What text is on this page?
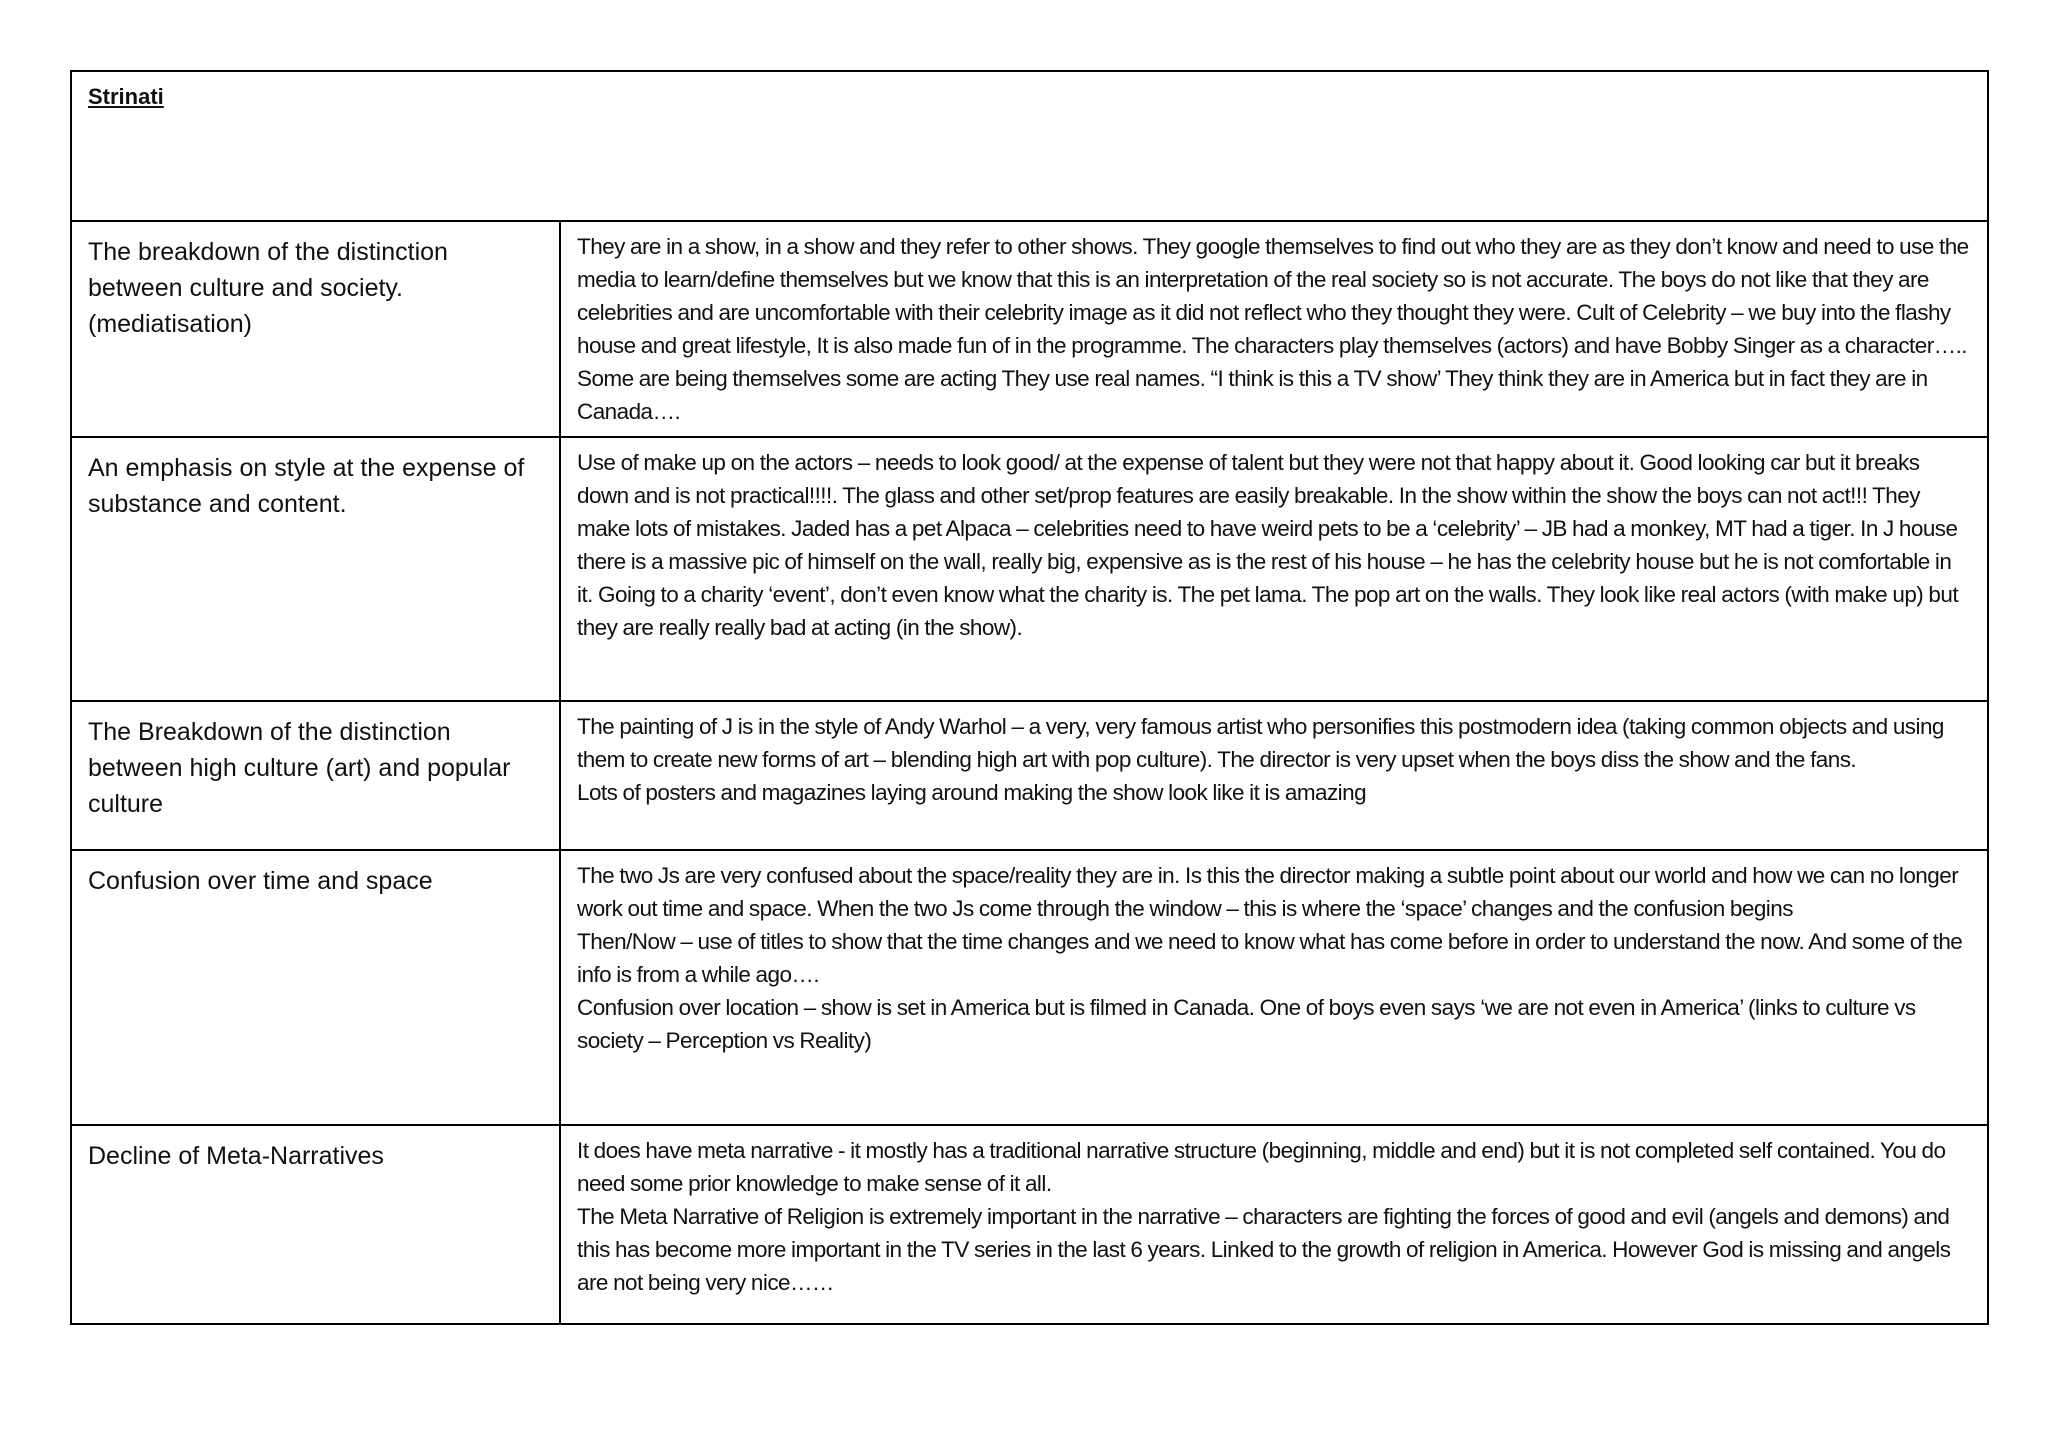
Strinati	
The breakdown of the distinction between culture and society. (mediatisation)	They are in a show, in a show and they refer to other shows. They google themselves to find out who they are as they don’t know and need to use the media to learn/define themselves but we know that this is an interpretation of the real society so is not accurate. The boys do not like that they are celebrities and are uncomfortable with their celebrity image as it did not reflect who they thought they were. Cult of Celebrity – we buy into the flashy house and great lifestyle, It is also made fun of in the programme. The characters play themselves (actors) and have Bobby Singer as a character….. Some are being themselves some are acting They use real names. “I think is this a TV show’ They think they are in America but in fact they are in Canada….

An emphasis on style at the expense of substance and content.	Use of make up on the actors – needs to look good/ at the expense of talent but they were not that happy about it. Good looking car but it breaks down and is not practical!!!!. The glass and other set/prop features are easily breakable. In the show within the show the boys can not act!!! They make lots of mistakes. Jaded has a pet Alpaca – celebrities need to have weird pets to be a ‘celebrity’ – JB had a monkey, MT had a tiger. In J house there is a massive pic of himself on the wall, really big, expensive as is the rest of his house – he has the celebrity house but he is not comfortable in it. Going to a charity ‘event’, don’t even know what the charity is. The pet lama. The pop art on the walls. They look like real actors (with make up) but they are really really bad at acting (in the show).

The Breakdown of the distinction between high culture (art) and popular culture	The painting of J is in the style of Andy Warhol – a very, very famous artist who personifies this postmodern idea (taking common objects and using them to create new forms of art – blending high art with pop culture). The director is very upset when the boys diss the show and the fans.

Lots of posters and magazines laying around making the show look like it is amazing

Confusion over time and space	The two Js are very confused about the space/reality they are in. Is this the director making a subtle point about our world and how we can no longer work out time and space. When the two Js come through the window – this is where the ‘space’ changes and the confusion begins

Then/Now – use of titles to show that the time changes and we need to know what has come before in order to understand the now. And some of the info is from a while ago….

Confusion over location – show is set in America but is filmed in Canada. One of boys even says ‘we are not even in America’ (links to culture vs society – Perception vs Reality)

Decline of Meta-Narratives	It does have meta narrative - it mostly has a traditional narrative structure (beginning, middle and end) but it is not completed self contained. You do need some prior knowledge to make sense of it all.

The Meta Narrative of Religion is extremely important in the narrative – characters are fighting the forces of good and evil (angels and demons) and this has become more important in the TV series in the last 6 years. Linked to the growth of religion in America. However God is missing and angels are not being very nice……
